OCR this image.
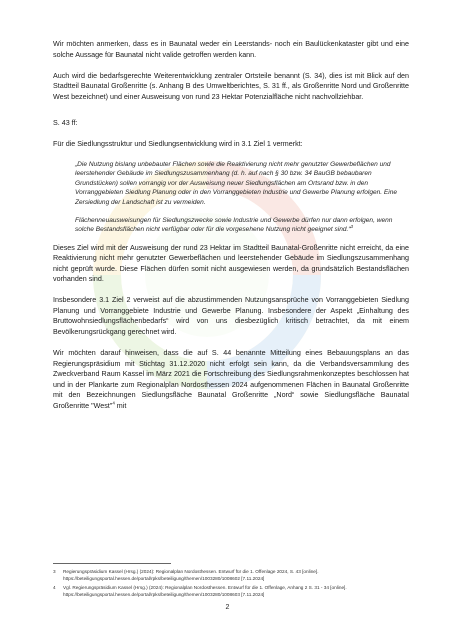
Wir möchten anmerken, dass es in Baunatal weder ein Leerstands- noch ein Baulückenkataster gibt und eine solche Aussage für Baunatal nicht valide getroffen werden kann.

Auch wird die bedarfsgerechte Weiterentwicklung zentraler Ortsteile benannt (S. 34), dies ist mit Blick auf den Stadtteil Baunatal Großenritte (s. Anhang B des Umweltberichtes, S. 31 ff., als Großenritte Nord und Großenritte West bezeichnet) und einer Ausweisung von rund 23 Hektar Potenzialfläche nicht nachvollziehbar.

S. 43 ff:

Für die Siedlungsstruktur und Siedlungsentwicklung wird in 3.1 Ziel 1 vermerkt:

„Die Nutzung bislang unbebauter Flächen sowie die Reaktivierung nicht mehr genutzter Gewerbeflächen und leerstehender Gebäude im Siedlungszusammenhang (d. h. auf nach § 30 bzw. 34 BauGB bebaubaren Grundstücken) sollen vorrangig vor der Ausweisung neuer Siedlungsflächen am Ortsrand bzw. in den Vorranggebieten Siedlung Planung oder in den Vorranggebieten Industrie und Gewerbe Planung erfolgen. Eine Zersiedlung der Landschaft ist zu vermeiden.

Flächenneuausweisungen für Siedlungszwecke sowie Industrie und Gewerbe dürfen nur dann erfolgen, wenn solche Bestandsflächen nicht verfügbar oder für die vorgesehene Nutzung nicht geeignet sind.“$^3$

Dieses Ziel wird mit der Ausweisung der rund 23 Hektar im Stadtteil Baunatal-Großenritte nicht erreicht, da eine Reaktivierung nicht mehr genutzter Gewerbeflächen und leerstehender Gebäude im Siedlungszusammenhang nicht geprüft wurde. Diese Flächen dürfen somit nicht ausgewiesen werden, da grundsätzlich Bestandsflächen vorhanden sind.

Insbesondere 3.1 Ziel 2 verweist auf die abzustimmenden Nutzungsansprüche von Vorranggebieten Siedlung Planung und Vorranggebiete Industrie und Gewerbe Planung. Insbesondere der Aspekt „Einhaltung des Bruttowohnsiedlungsflächenbedarfs“ wird von uns diesbezüglich kritisch betrachtet, da mit einem Bevölkerungsrückgang gerechnet wird.

Wir möchten darauf hinweisen, dass die auf S. 44 benannte Mitteilung eines Bebauungsplans an das Regierungspräsidium mit Stichtag 31.12.2020 nicht erfolgt sein kann, da die Verbandsversammlung des Zweckverband Raum Kassel im März 2021 die Fortschreibung des Siedlungsrahmenkonzeptes beschlossen hat und in der Plankarte zum Regionalplan Nordosthessen 2024 aufgenommenen Flächen in Baunatal Großenritte mit den Bezeichnungen Siedlungsfläche Baunatal Großenritte „Nord“ sowie Siedlungsfläche Baunatal Großenritte "West"$^4$ mit

3	Regierungspräsidium Kassel (Hrsg.) (2024): Regionalplan Nordosthessen. Entwurf für die 1. Offenlage 2024, S. 43 [online]. https://beteiligungsportal.hessen.de/portal/rpks/beteiligung/themen/1003280/1008602 [7.11.2024]
4	Vgl. Regierungspräsidium Kassel (Hrsg.) (2024): Regionalplan Nordosthessen. Entwurf für die 1. Offenlage, Anhang 2 S. 31 - 34 [online]. https://beteiligungsportal.hessen.de/portal/rpks/beteiligung/themen/1003280/1008603 [7.11.2024]
2
